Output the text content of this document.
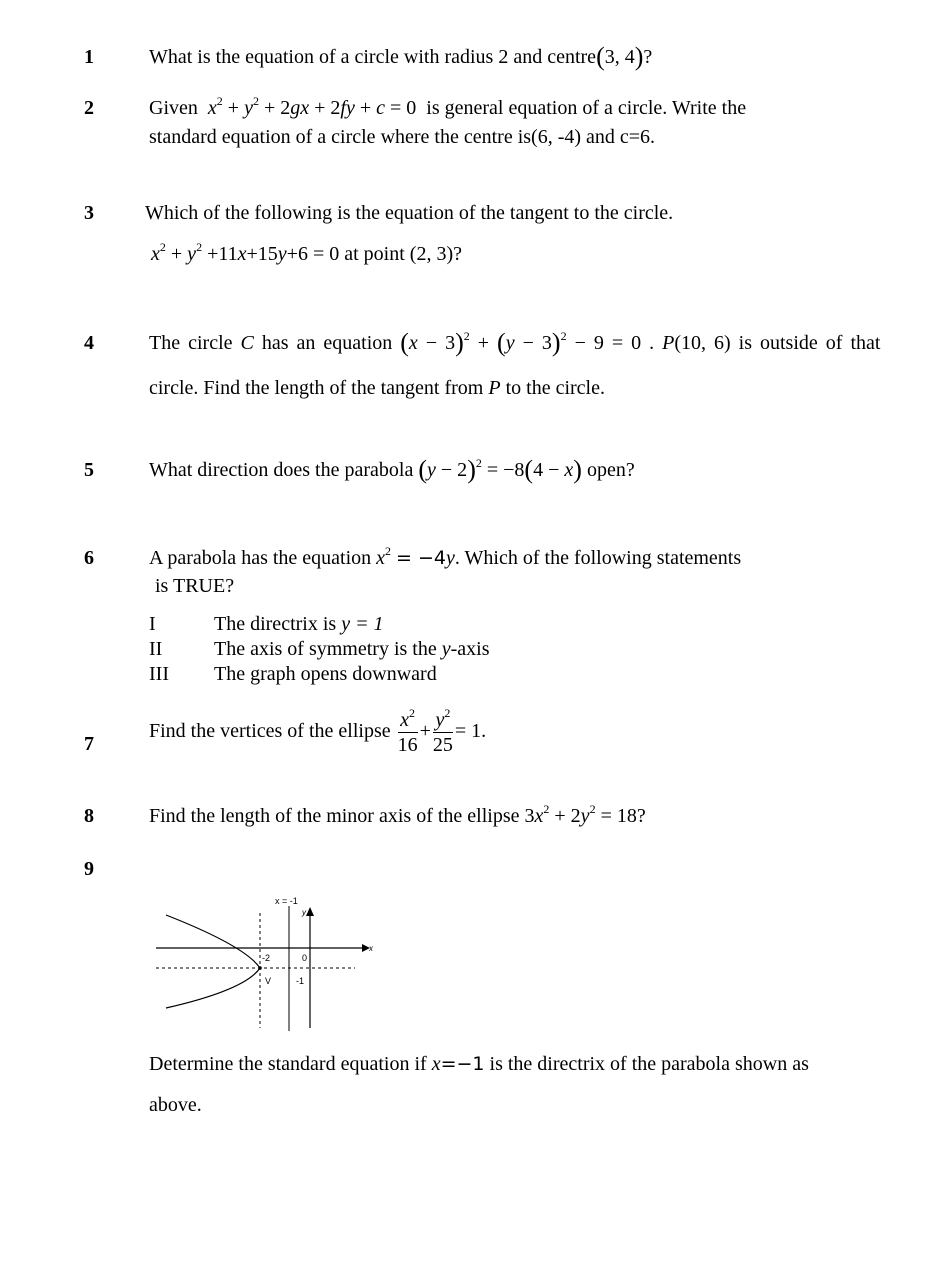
1	What is the equation of a circle with radius 2 and centre(3, 4)?
2	Given $x^2 + y^2 + 2gx + 2fy + c = 0$  is general equation of a circle. Write the
standard equation of a circle where the centre is(6, -4) and c=6.
3	Which of the following is the equation of the tangent to the circle.
$x^2 + y^2 +11x+15y+6 = 0$ at point (2, 3)?
4	The circle C has an equation $(x - 3)^2 + (y - 3)^2 - 9 = 0$ . P(10, 6) is outside of that
circle. Find the length of the tangent from P to the circle.
5	What direction does the parabola $(y - 2)^2 = -8(4 - x)$ open?
6	A parabola has the equation $x^2 = -4y$. Which of the following statements
is TRUE?
I	The directrix is y = 1
II	The axis of symmetry is the y-axis
III The graph opens downward
7
Find the vertices of the ellipse $\frac{x^2}{16} + \frac{y^2}{25} = 1$.
8	Find the length of the minor axis of the ellipse $3x^2 + 2y^2 = 18$?
9
x = -1
y
x
-2	0
-1
V
Determine the standard equation if x=−1 is the directrix of the parabola shown as
above.
